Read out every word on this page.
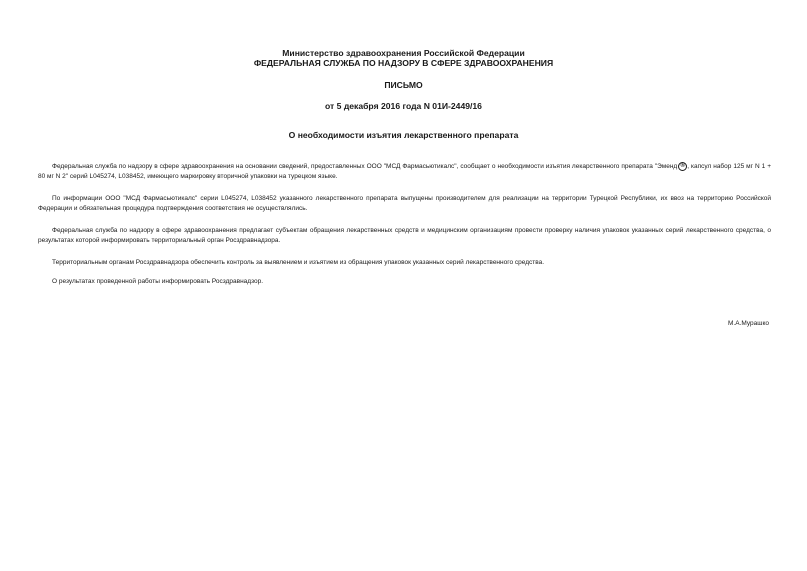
Министерство здравоохранения Российской Федерации
ФЕДЕРАЛЬНАЯ СЛУЖБА ПО НАДЗОРУ В СФЕРЕ ЗДРАВООХРАНЕНИЯ
ПИСЬМО
от 5 декабря 2016 года N 01И-2449/16
О необходимости изъятия лекарственного препарата
Федеральная служба по надзору в сфере здравоохранения на основании сведений, предоставленных ООО "МСД Фармасьютикалс", сообщает о необходимости изъятия лекарственного препарата "Эменд ® , капсул набор 125 мг N 1 + 80 мг N 2" серий L045274, L038452, имеющего маркировку вторичной упаковки на турецком языке.
По информации ООО "МСД Фармасьютикалс" серии L045274, L038452 указанного лекарственного препарата выпущены производителем для реализации на территории Турецкой Республики, их ввоз на территорию Российской Федерации и обязательная процедура подтверждения соответствия не осуществлялись.
Федеральная служба по надзору в сфере здравоохранения предлагает субъектам обращения лекарственных средств и медицинским организациям провести проверку наличия упаковок указанных серий лекарственного средства, о результатах которой информировать территориальный орган Росздравнадзора.
Территориальным органам Росздравнадзора обеспечить контроль за выявлением и изъятием из обращения упаковок указанных серий лекарственного средства.
О результатах проведенной работы информировать Росздравнадзор.
М.А.Мурашко
